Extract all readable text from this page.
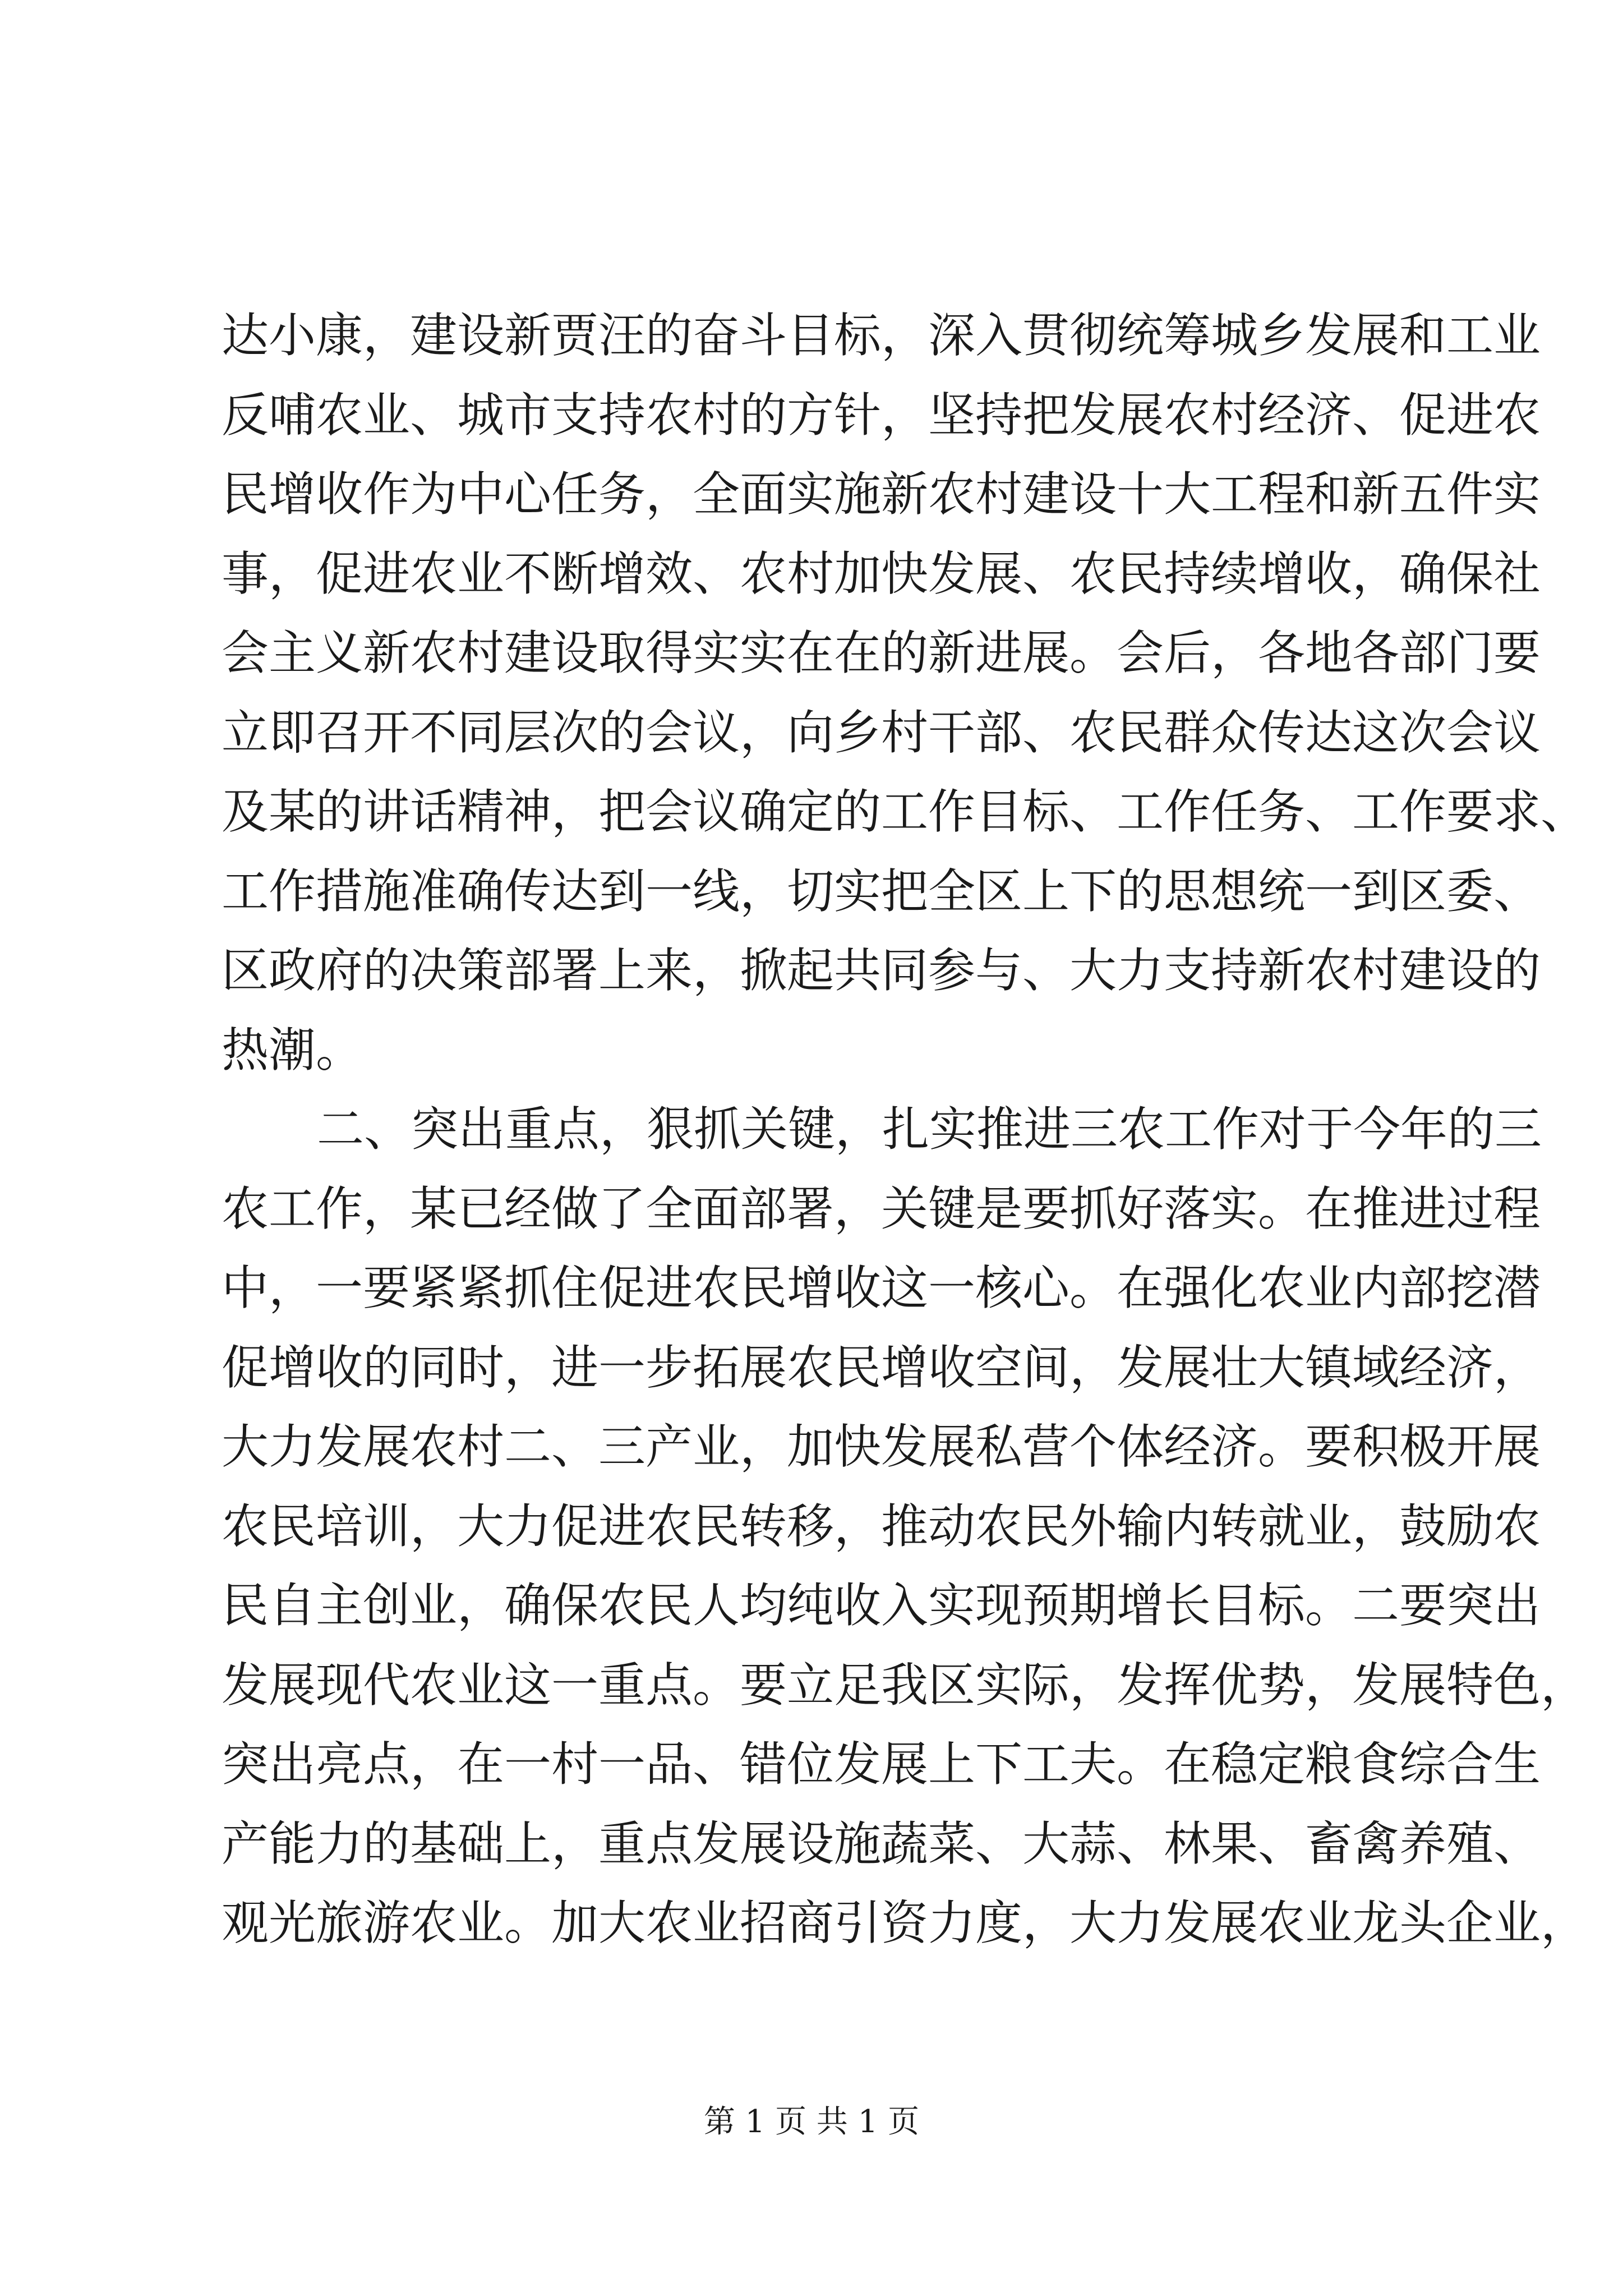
达小康，建设新贾汪的奋斗目标，深入贯彻统筹城乡发展和工业
反哺农业、城市支持农村的方针，坚持把发展农村经济、促进农
民增收作为中心任务，全面实施新农村建设十大工程和新五件实
事，促进农业不断增效、农村加快发展、农民持续增收，确保社
会主义新农村建设取得实实在在的新进展。会后，各地各部门要
立即召开不同层次的会议，向乡村干部、农民群众传达这次会议
及某的讲话精神，把会议确定的工作目标、工作任务、工作要求、
工作措施准确传达到一线，切实把全区上下的思想统一到区委、
区政府的决策部署上来，掀起共同参与、大力支持新农村建设的
热潮。
二、突出重点，狠抓关键，扎实推进三农工作对于今年的三
农工作，某已经做了全面部署，关键是要抓好落实。在推进过程
中，一要紧紧抓住促进农民增收这一核心。在强化农业内部挖潜
促增收的同时，进一步拓展农民增收空间，发展壮大镇域经济，
大力发展农村二、三产业，加快发展私营个体经济。要积极开展
农民培训，大力促进农民转移，推动农民外输内转就业，鼓励农
民自主创业，确保农民人均纯收入实现预期增长目标。二要突出
发展现代农业这一重点。要立足我区实际，发挥优势，发展特色，
突出亮点，在一村一品、错位发展上下工夫。在稳定粮食综合生
产能力的基础上，重点发展设施蔬菜、大蒜、林果、畜禽养殖、
观光旅游农业。加大农业招商引资力度，大力发展农业龙头企业，
第 1 页 共 1 页
